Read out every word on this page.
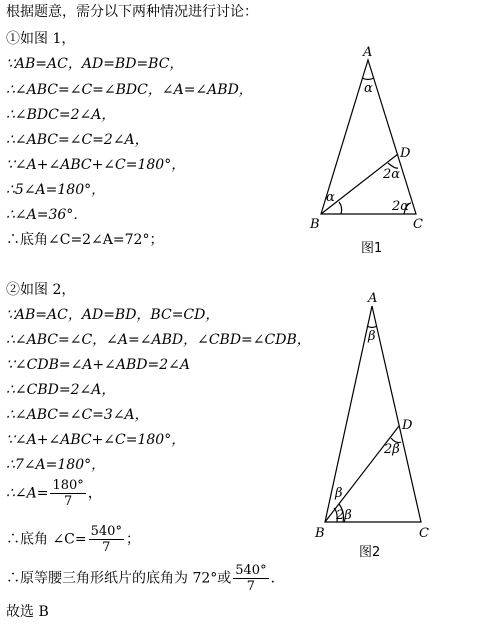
根据题意，需分以下两种情况进行讨论：
①如图 1，
∵AB=AC，AD=BD=BC，
∴∠ABC=∠C=∠BDC，∠A=∠ABD，
∴∠BDC=2∠A，
∴∠ABC=∠C=2∠A，
∵∠A+∠ABC+∠C=180°，
∴5∠A=180°，
∴∠A=36°．
∴底角∠C=2∠A=72°；
A
B	C
D
α
α
2α
2α
图1
②如图 2，
∵AB=AC，AD=BD，BC=CD，
∴∠ABC=∠C，∠A=∠ABD，∠CBD=∠CDB，
∵∠CDB=∠A+∠ABD=2∠A
∴∠CBD=2∠A，
∴∠ABC=∠C=3∠A，
∵∠A+∠ABC+∠C=180°，
∴7∠A=180°，
∴∠A= $\frac{180^\circ}{7}$ ，
∴底角 ∠C= $\frac{540^\circ}{7}$ ；
A
B	C
D
β
β
2β
2β
图2
∴原等腰三角形纸片的底角为 72°或 $\frac{540^\circ}{7}$ ．
故选 B
